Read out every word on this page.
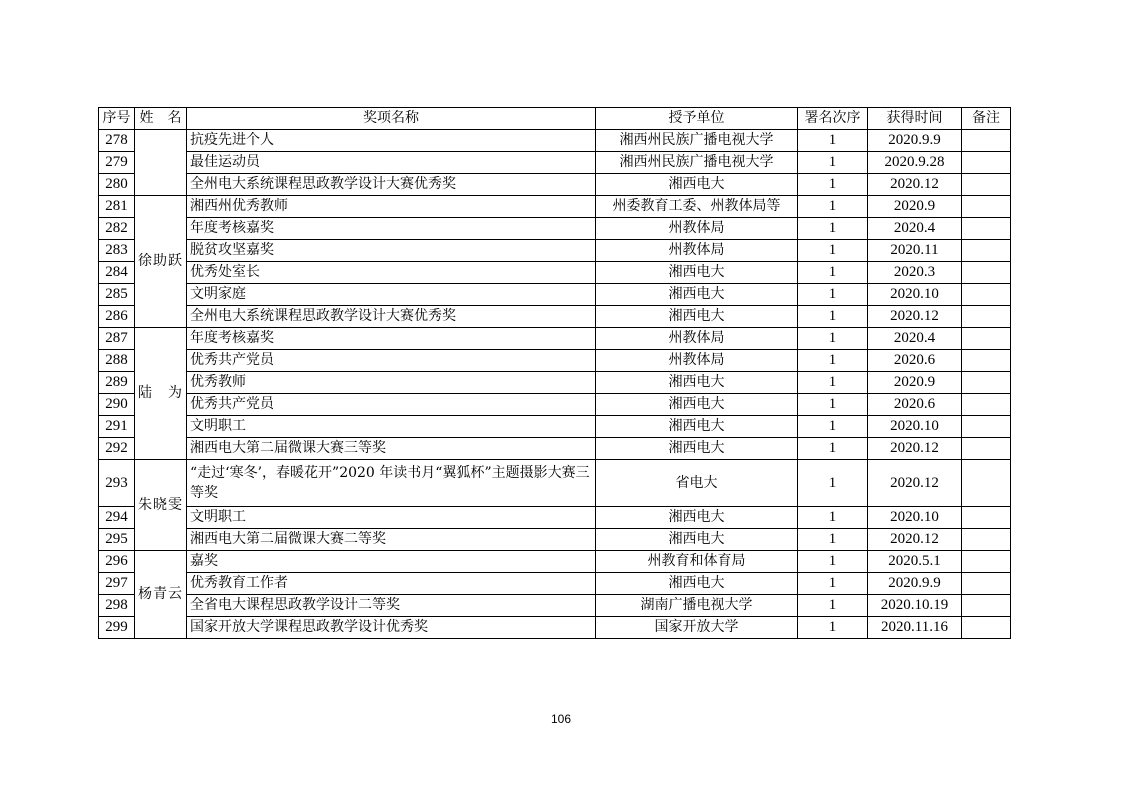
序号	姓　名	奖项名称	授予单位	署名次序	获得时间	备注
278		抗疫先进个人	湘西州民族广播电视大学	1	2020.9.9	
279		最佳运动员	湘西州民族广播电视大学	1	2020.9.28	
280		全州电大系统课程思政教学设计大赛优秀奖	湘西电大	1	2020.12	
281	徐助跃	湘西州优秀教师	州委教育工委、州教体局等	1	2020.9	
282		年度考核嘉奖	州教体局	1	2020.4	
283		脱贫攻坚嘉奖	州教体局	1	2020.11	
284		优秀处室长	湘西电大	1	2020.3	
285		文明家庭	湘西电大	1	2020.10	
286		全州电大系统课程思政教学设计大赛优秀奖	湘西电大	1	2020.12	
287	陆　为	年度考核嘉奖	州教体局	1	2020.4	
288		优秀共产党员	州教体局	1	2020.6	
289		优秀教师	湘西电大	1	2020.9	
290		优秀共产党员	湘西电大	1	2020.6	
291		文明职工	湘西电大	1	2020.10	
292		湘西电大第二届微课大赛三等奖	湘西电大	1	2020.12	
293	朱晓雯	“走过‘寒冬’，春暖花开”2020 年读书月“翼狐杯”主题摄影大赛三等奖	省电大	1	2020.12	
294		文明职工	湘西电大	1	2020.10	
295		湘西电大第二届微课大赛二等奖	湘西电大	1	2020.12	
296	杨青云	嘉奖	州教育和体育局	1	2020.5.1	
297		优秀教育工作者	湘西电大	1	2020.9.9	
298		全省电大课程思政教学设计二等奖	湖南广播电视大学	1	2020.10.19	
299		国家开放大学课程思政教学设计优秀奖	国家开放大学	1	2020.11.16	
106
